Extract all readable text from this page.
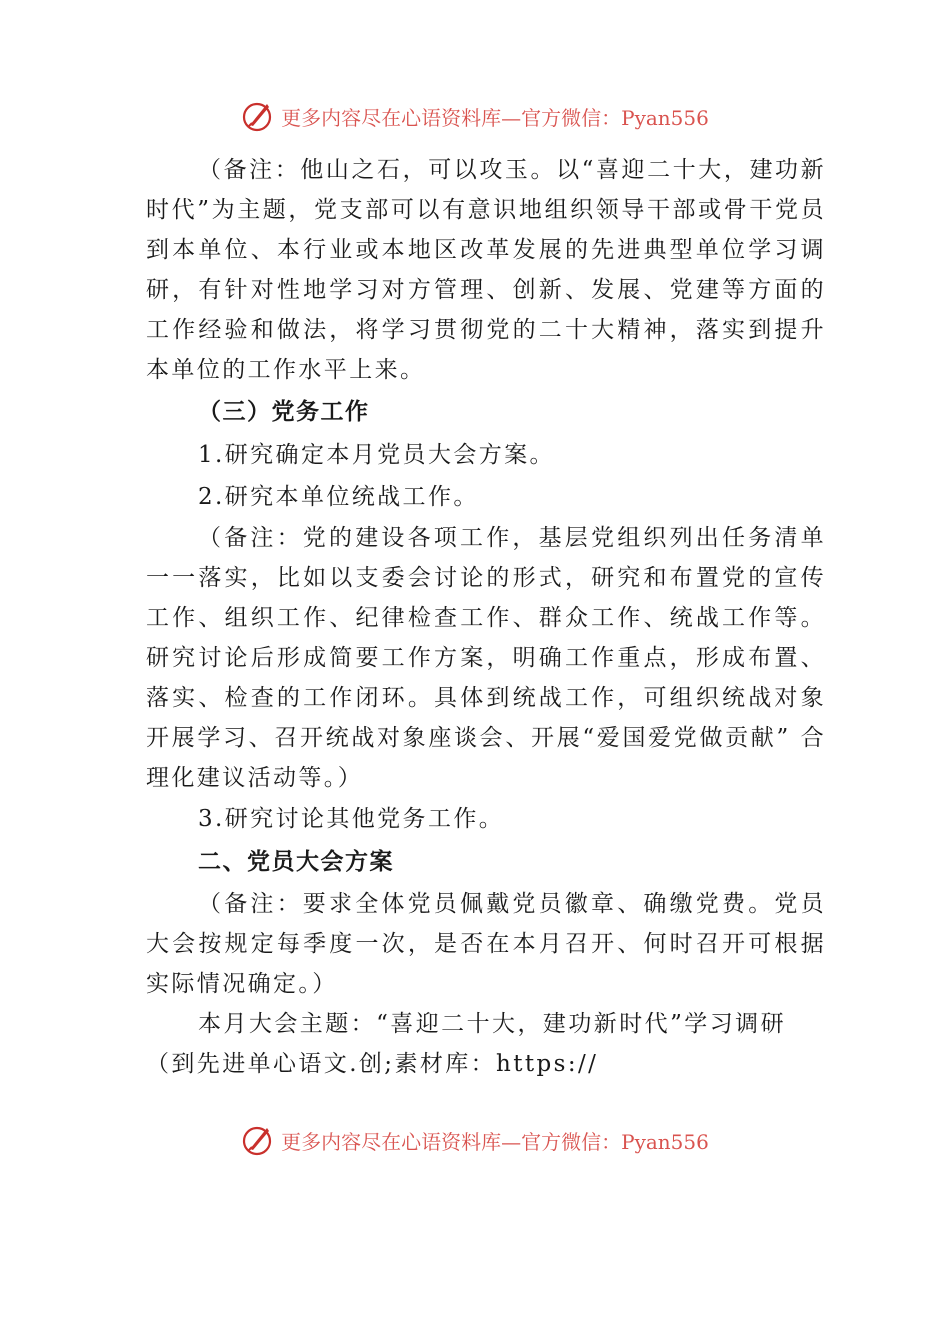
更多内容尽在心语资料库—官方微信：Pyan556

（备注：他山之石，可以攻玉。以“喜迎二十大，建功新时代”为主题，党支部可以有意识地组织领导干部或骨干党员到本单位、本行业或本地区改革发展的先进典型单位学习调研，有针对性地学习对方管理、创新、发展、党建等方面的工作经验和做法，将学习贯彻党的二十大精神，落实到提升本单位的工作水平上来。

（三）党务工作

1.研究确定本月党员大会方案。

2.研究本单位统战工作。

（备注：党的建设各项工作，基层党组织列出任务清单一一落实，比如以支委会讨论的形式，研究和布置党的宣传工作、组织工作、纪律检查工作、群众工作、统战工作等。 研究讨论后形成简要工作方案，明确工作重点，形成布置、 落实、检查的工作闭环。具体到统战工作，可组织统战对象开展学习、召开统战对象座谈会、开展“爱国爱党做贡献” 合理化建议活动等。）

3.研究讨论其他党务工作。

二、党员大会方案

（备注：要求全体党员佩戴党员徽章、确缴党费。党员大会按规定每季度一次，是否在本月召开、何时召开可根据实际情况确定。）

本月大会主题：“喜迎二十大，建功新时代”学习调研（到先进单心语文.创;素材库：https://

更多内容尽在心语资料库—官方微信：Pyan556
